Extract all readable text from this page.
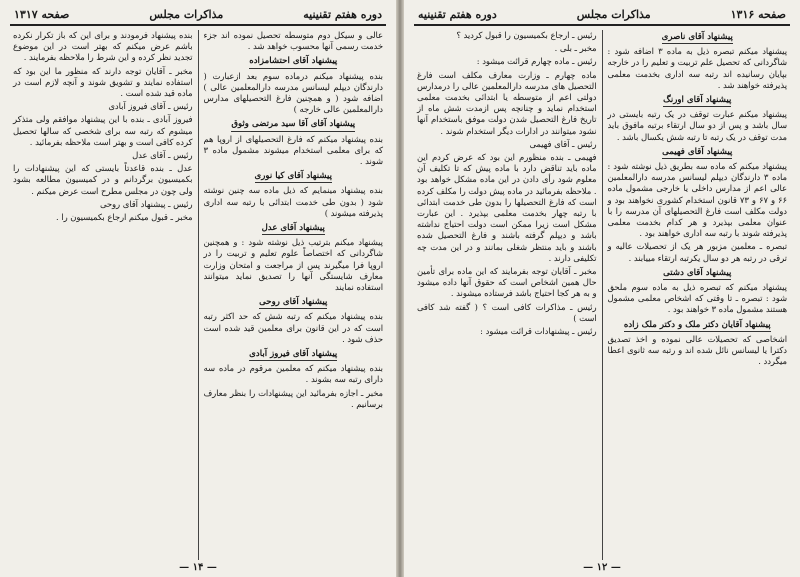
دوره هفتم تقنینیه
مذاکرات مجلس
صفحه ۱۳۱۷

عالی و سیکل دوم متوسطه تحصیل نموده اند جزء خدمت رسمی آنها محسوب خواهد شد .

پیشنهاد آقای احتشامزاده

بنده پیشنهاد میکنم درماده سوم بعد ازعبارت ( دارندگان دیپلم لیسانس مدرسه دارالمعلمین عالی ) اضافه شود ( و همچنین فارغ التحصیلهای مدارس دارالمعلمین عالی خارجه )

پیشنهاد آقای آقا سید مرتضی وثوق

بنده پیشنهاد میکنم که فارغ التحصیلهای از اروپا هم که برای معلمی استخدام میشوند مشمول ماده ۳ شوند .

پیشنهاد آقای کیا نوری

بنده پیشنهاد مینمایم که ذیل ماده سه چنین نوشته شود ( بدون طی خدمت ابتدائی با رتبه سه اداری پذیرفته میشوند )

پیشنهاد آقای عدل

پیشنهاد میکنم بترتیب ذیل نوشته شود : و همچنین شاگردانی که اختصاصاً علوم تعلیم و تربیت را در اروپا فرا میگیرند پس از مراجعت و امتحان وزارت معارف شایستگی آنها را تصدیق نماید میتوانند استفاده نمایند

پیشنهاد آقای روحی

بنده پیشنهاد میکنم که رتبه شش که حد اکثر رتبه است که در این قانون برای معلمین قید شده است حذف شود .

پیشنهاد آقای فیروز آبادی

بنده پیشنهاد میکنم که معلمین مرقوم در ماده سه دارای رتبه سه بشوند .

مخبر ـ اجازه بفرمائید این پیشنهادات را بنظر معارف برسانیم .

بنده پیشنهاد فرمودند و برای این که باز تکرار نکرده باشم عرض میکنم که بهتر است در این موضوع تجدید نظر کرده و این شرط را ملاحظه بفرمایند .

مخبر ـ آقایان توجه دارند که منظور ما این بود که استفاده نمایند و تشویق شوند و آنچه لازم است در ماده قید شده است .

رئیس ـ آقای فیروز آبادی

فیروز آبادی ـ بنده با این پیشنهاد موافقم ولی متذکر میشوم که رتبه سه برای شخصی که سالها تحصیل کرده کافی است و بهتر است ملاحظه بفرمائید .

رئیس ـ آقای عدل

عدل ـ بنده قاعدتاً بایستی که این پیشنهادات را بکمیسیون برگردانم و در کمیسیون مطالعه بشود ولی چون در مجلس مطرح است عرض میکنم .

رئیس ـ پیشنهاد آقای روحی

مخبر ـ قبول میکنم ارجاع بکمیسیون را .

— ۱۴ —
صفحه ۱۳۱۶
مذاکرات مجلس
دوره هفتم تقنینیه
پیشنهاد آقای ناصری

پیشنهاد میکنم تبصره ذیل به ماده ۳ اضافه شود : شاگردانی که تحصیل علم تربیت و تعلیم را در خارجه بپایان رسانیده اند رتبه سه اداری بخدمت معلمی پذیرفته خواهند شد .

پیشنهاد آقای اورنگ

پیشنهاد میکنم عبارت توقف در یک رتبه بایستی در سال باشد و پس از دو سال ارتقاء برتبه مافوق باید مدت توقف در یک رتبه تا رتبه شش یکسال باشد .

پیشنهاد آقای فهیمی

پیشنهاد میکنم که ماده سه بطریق ذیل نوشته شود : ماده ۳ دارندگان دیپلم لیسانس مدرسه دارالمعلمین عالی اعم از مدارس داخلی یا خارجی مشمول ماده ۶۶ و ۶۷ و ۷۳ قانون استخدام کشوری نخواهند بود و دولت مکلف است فارغ التحصیلهای آن مدرسه را با عنوان معلمی بپذیرد و هر کدام بخدمت معلمی پذیرفته شوند با رتبه سه اداری خواهند بود .

تبصره ـ معلمین مزبور هر یک از تحصیلات عالیه و ترقی در رتبه هر دو سال یکرتبه ارتقاء مییابند .

پیشنهاد آقای دشتی

پیشنهاد میکنم که تبصره ذیل به ماده سوم ملحق شود : تبصره ـ تا وقتی که اشخاص معلمی مشمول هستند مشمول ماده ۳ خواهند بود .

پیشنهاد آقایان دکتر ملک و دکتر ملک زاده

اشخاصی که تحصیلات عالی نموده و اخذ تصدیق دکترا یا لیسانس نائل شده اند و رتبه سه ثانوی اعطا میگردد .

رئیس ـ ارجاع بکمیسیون را قبول کردید ؟

مخبر ـ بلی .

رئیس ـ ماده چهارم قرائت میشود :

ماده چهارم ـ وزارت معارف مکلف است فارغ التحصیل های مدرسه دارالمعلمین عالی را درمدارس دولتی اعم از متوسطه یا ابتدائی بخدمت معلمی استخدام نماید و چنانچه پس ازمدت شش ماه از تاریخ فارغ التحصیل شدن دولت موفق باستخدام آنها نشود میتوانند در ادارات دیگر استخدام شوند .

رئیس ـ آقای فهیمی

فهیمی ـ بنده منظورم این بود که عرض کردم این ماده باید تناقض دارد با ماده پیش که تا تکلیف آن معلوم شود رأی دادن در این ماده مشکل خواهد بود . ملاحظه بفرمائید در ماده پیش دولت را مکلف کرده است که فارغ التحصیلها را بدون طی خدمت ابتدائی با رتبه چهار بخدمت معلمی بپذیرد . این عبارت مشکل است زیرا ممکن است دولت احتیاج نداشته باشد و دیپلم گرفته باشند و فارغ التحصیل شده باشند و باید منتظر شغلی بمانند و در این مدت چه تکلیفی دارند .

مخبر ـ آقایان توجه بفرمایند که این ماده برای تأمین حال همین اشخاص است که حقوق آنها داده میشود و به هر کجا احتیاج باشد فرستاده میشوند .

رئیس ـ مذاکرات کافی است ؟ ( گفته شد کافی است )

رئیس ـ پیشنهادات قرائت میشود :

— ۱۲ —
